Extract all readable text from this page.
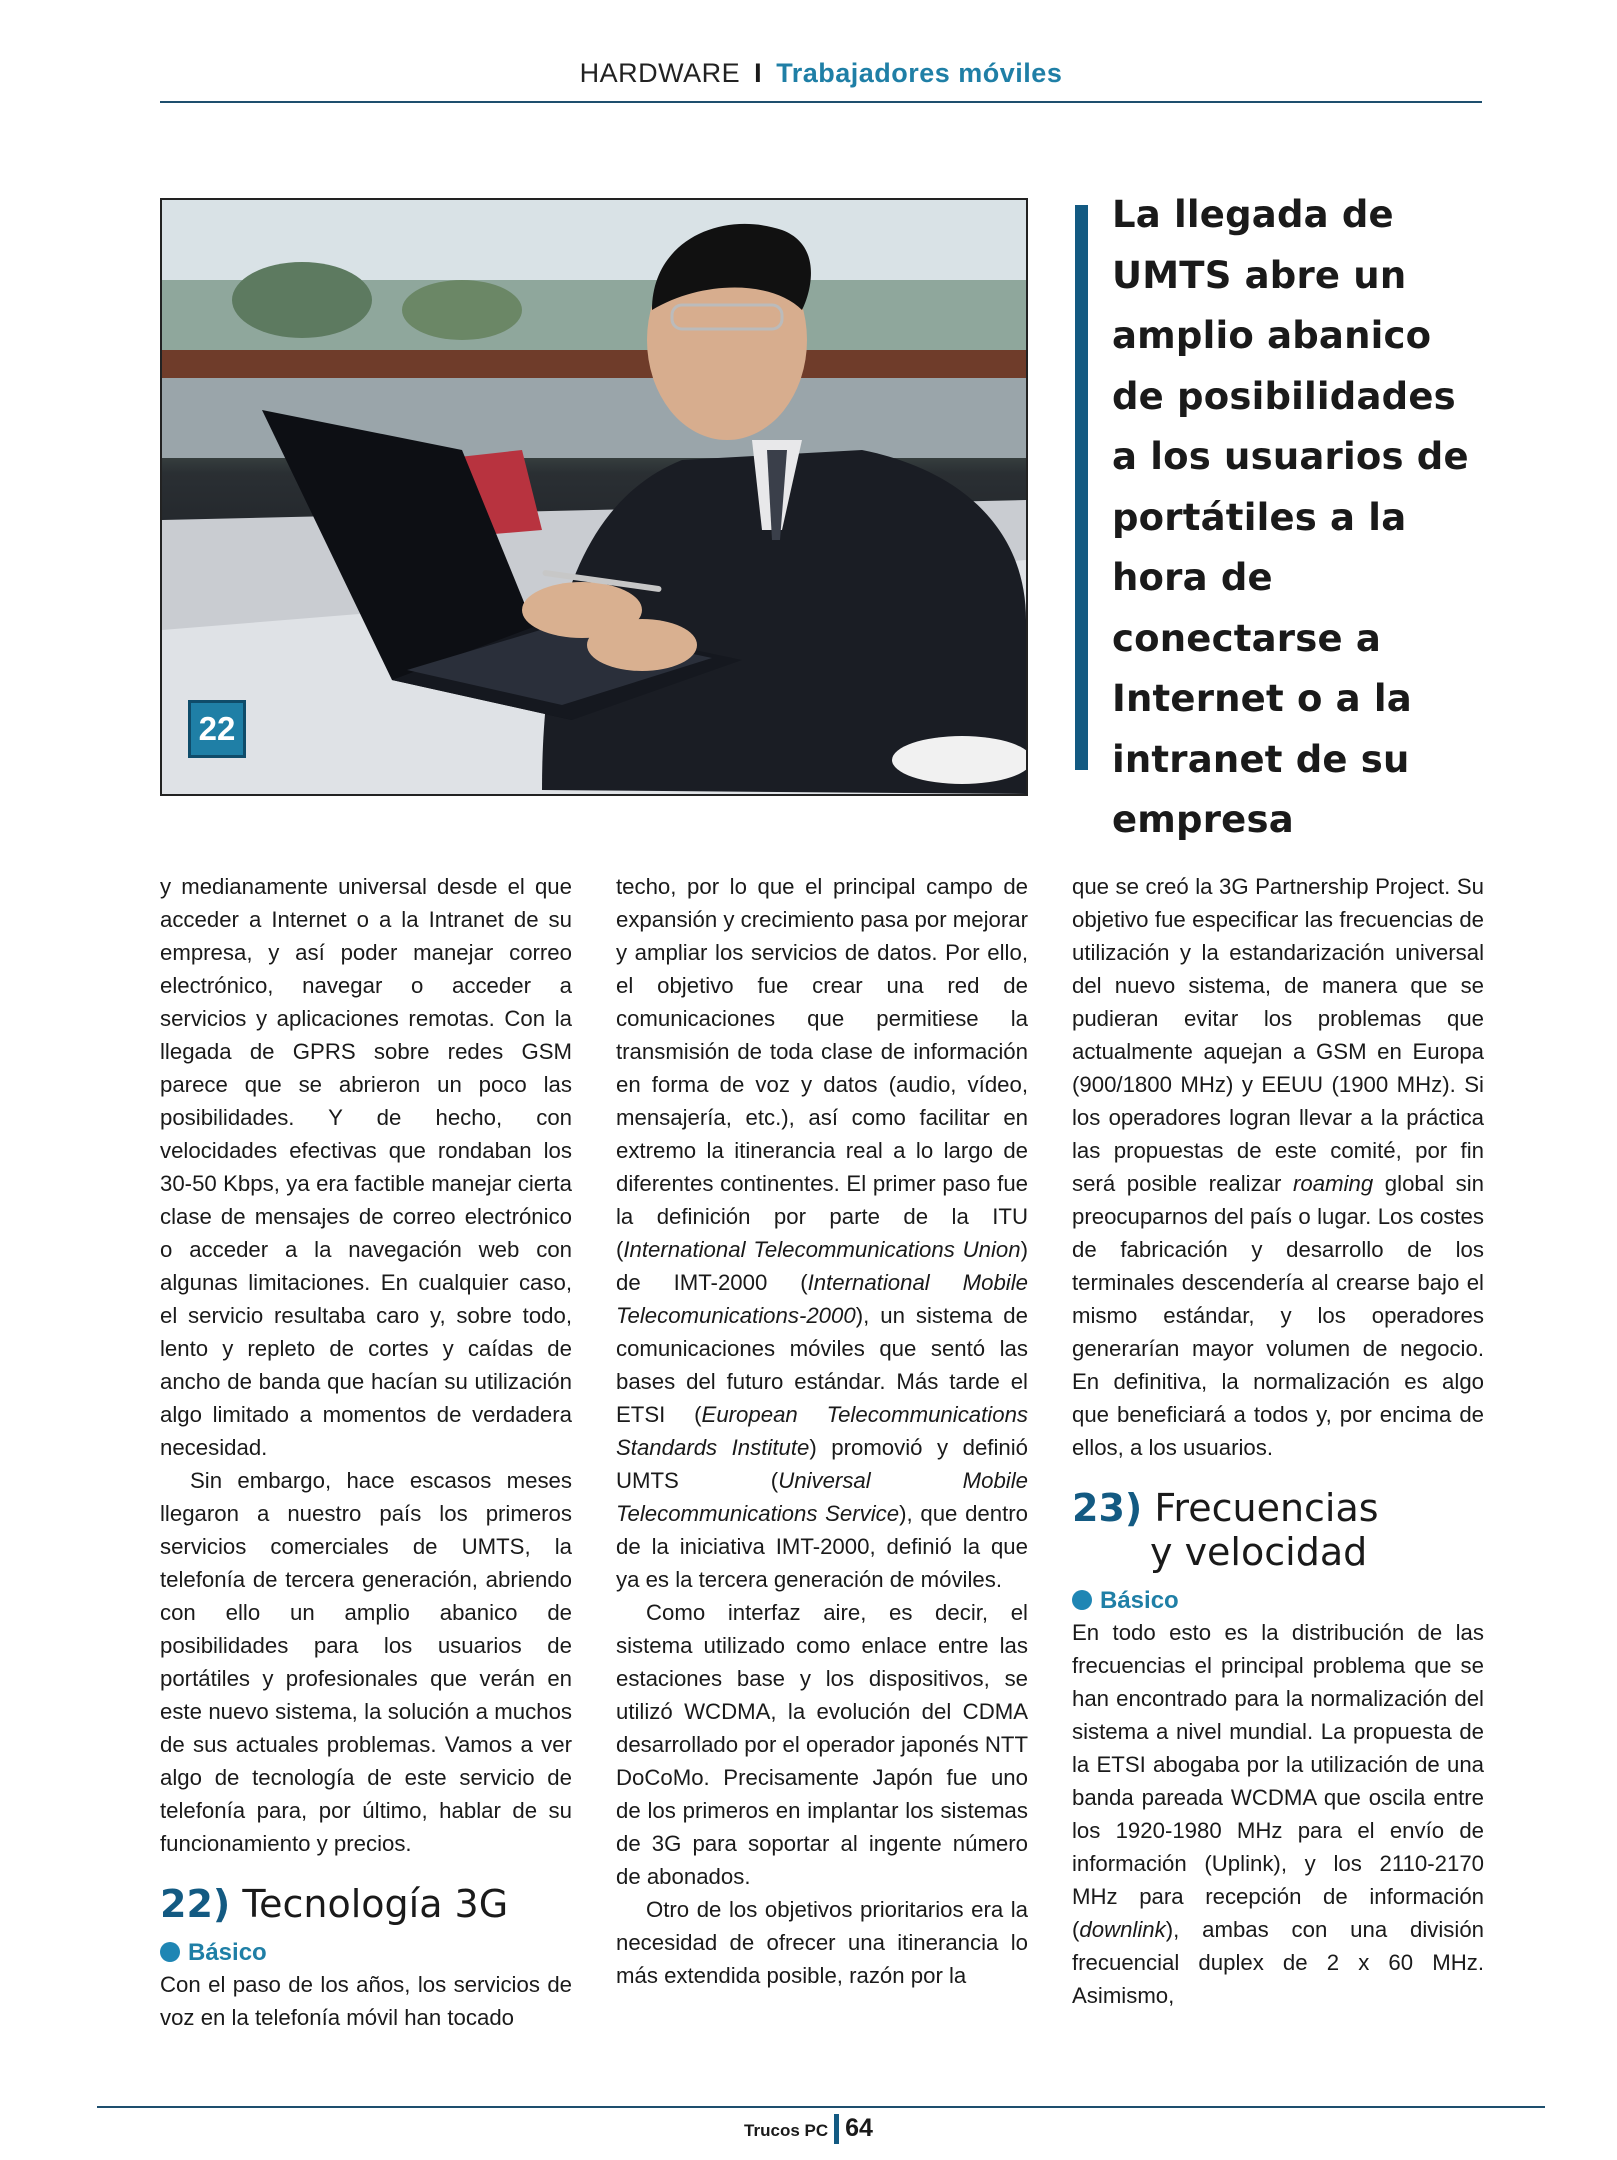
HARDWARE I Trabajadores móviles
22
La llegada de UMTS abre un amplio abanico de posibilidades a los usuarios de portátiles a la hora de conectarse a Internet o a la intranet de su empresa

y medianamente universal desde el que acceder a Internet o a la Intranet de su empresa, y así poder manejar correo electrónico, navegar o acceder a servicios y aplicaciones remotas. Con la llegada de GPRS sobre redes GSM parece que se abrieron un poco las posibilidades. Y de hecho, con velocidades efectivas que rondaban los 30-50 Kbps, ya era factible manejar cierta clase de mensajes de correo electrónico o acceder a la navegación web con algunas limitaciones. En cualquier caso, el servicio resultaba caro y, sobre todo, lento y repleto de cortes y caídas de ancho de banda que hacían su utilización algo limitado a momentos de verdadera necesidad.

Sin embargo, hace escasos meses llegaron a nuestro país los primeros servicios comerciales de UMTS, la telefonía de tercera generación, abriendo con ello un amplio abanico de posibilidades para los usuarios de portátiles y profesionales que verán en este nuevo sistema, la solución a muchos de sus actuales problemas. Vamos a ver algo de tecnología de este servicio de telefonía para, por último, hablar de su funcionamiento y precios.

22) Tecnología 3G
Básico

Con el paso de los años, los servicios de voz en la telefonía móvil han tocado

techo, por lo que el principal campo de expansión y crecimiento pasa por mejorar y ampliar los servicios de datos. Por ello, el objetivo fue crear una red de comunicaciones que permitiese la transmisión de toda clase de información en forma de voz y datos (audio, vídeo, mensajería, etc.), así como facilitar en extremo la itinerancia real a lo largo de diferentes continentes. El primer paso fue la definición por parte de la ITU (International Telecommunications Union) de IMT-2000 (International Mobile Telecomunications-2000), un sistema de comunicaciones móviles que sentó las bases del futuro estándar. Más tarde el ETSI (European Telecommunications Standards Institute) promovió y definió UMTS (Universal Mobile Telecommunications Service), que dentro de la iniciativa IMT-2000, definió la que ya es la tercera generación de móviles.

Como interfaz aire, es decir, el sistema utilizado como enlace entre las estaciones base y los dispositivos, se utilizó WCDMA, la evolución del CDMA desarrollado por el operador japonés NTT DoCoMo. Precisamente Japón fue uno de los primeros en implantar los sistemas de 3G para soportar al ingente número de abonados.

Otro de los objetivos prioritarios era la necesidad de ofrecer una itinerancia lo más extendida posible, razón por la

que se creó la 3G Partnership Project. Su objetivo fue especificar las frecuencias de utilización y la estandarización universal del nuevo sistema, de manera que se pudieran evitar los problemas que actualmente aquejan a GSM en Europa (900/1800 MHz) y EEUU (1900 MHz). Si los operadores logran llevar a la práctica las propuestas de este comité, por fin será posible realizar roaming global sin preocuparnos del país o lugar. Los costes de fabricación y desarrollo de los terminales descendería al crearse bajo el mismo estándar, y los operadores generarían mayor volumen de negocio. En definitiva, la normalización es algo que beneficiará a todos y, por encima de ellos, a los usuarios.

23) Frecuencias
y velocidad
Básico

En todo esto es la distribución de las frecuencias el principal problema que se han encontrado para la normalización del sistema a nivel mundial. La propuesta de la ETSI abogaba por la utilización de una banda pareada WCDMA que oscila entre los 1920-1980 MHz para el envío de información (Uplink), y los 2110-2170 MHz para recepción de información (downlink), ambas con una división frecuencial duplex de 2 x 60 MHz. Asimismo,

Trucos PC 64
